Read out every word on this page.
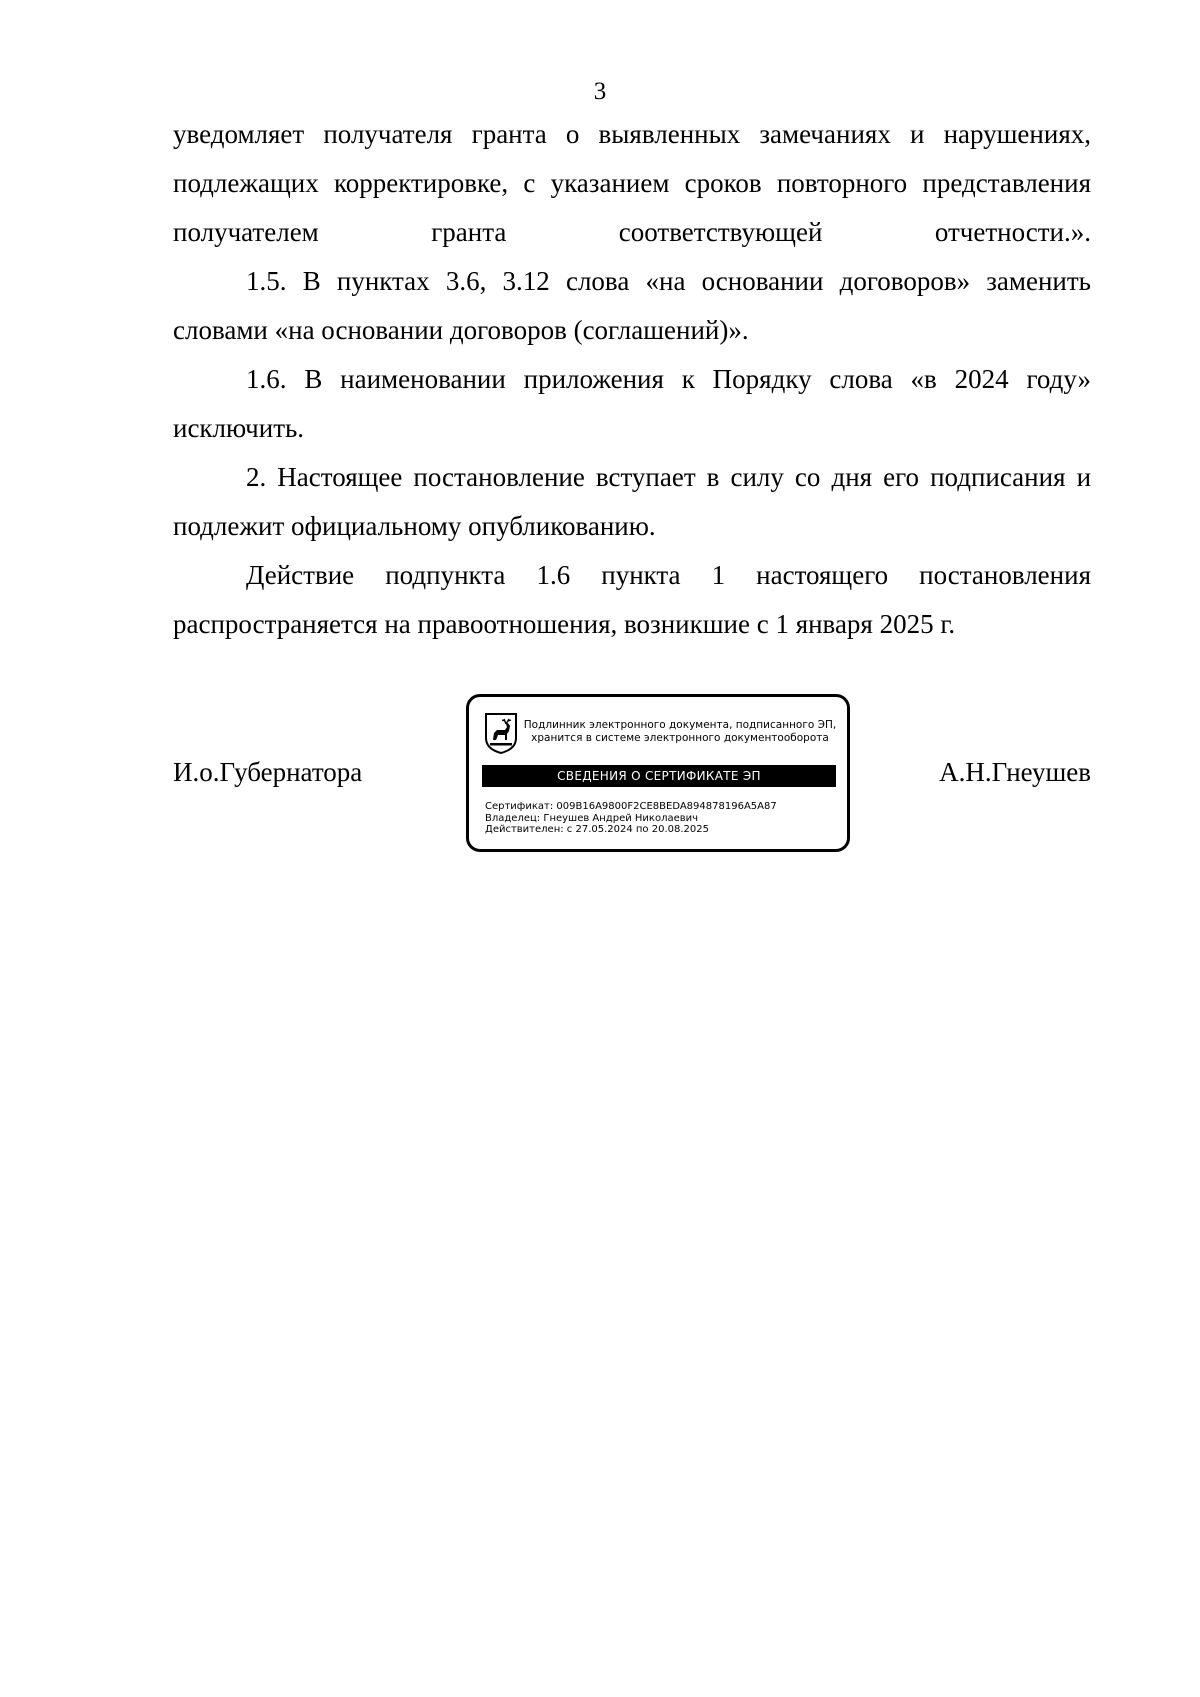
3

уведомляет получателя гранта о выявленных замечаниях и нарушениях,
подлежащих корректировке, с указанием сроков повторного представления
получателем гранта соответствующей отчетности.».

1.5. В пунктах 3.6, 3.12 слова «на основании договоров» заменить словами «на основании договоров (соглашений)».

1.6. В наименовании приложения к Порядку слова «в 2024 году» исключить.

2. Настоящее постановление вступает в силу со дня его подписания и подлежит официальному опубликованию.

Действие подпункта 1.6 пункта 1 настоящего постановления распространяется на правоотношения, возникшие с 1 января 2025 г.

И.о.Губернатора	А.Н.Гнеушев
Подлинник электронного документа, подписанного ЭП,
хранится в системе электронного документооборота
СВЕДЕНИЯ О СЕРТИФИКАТЕ ЭП
Сертификат: 009B16A9800F2CE8BEDA894878196A5A87
Владелец: Гнеушев Андрей Николаевич
Действителен: с 27.05.2024 по 20.08.2025
